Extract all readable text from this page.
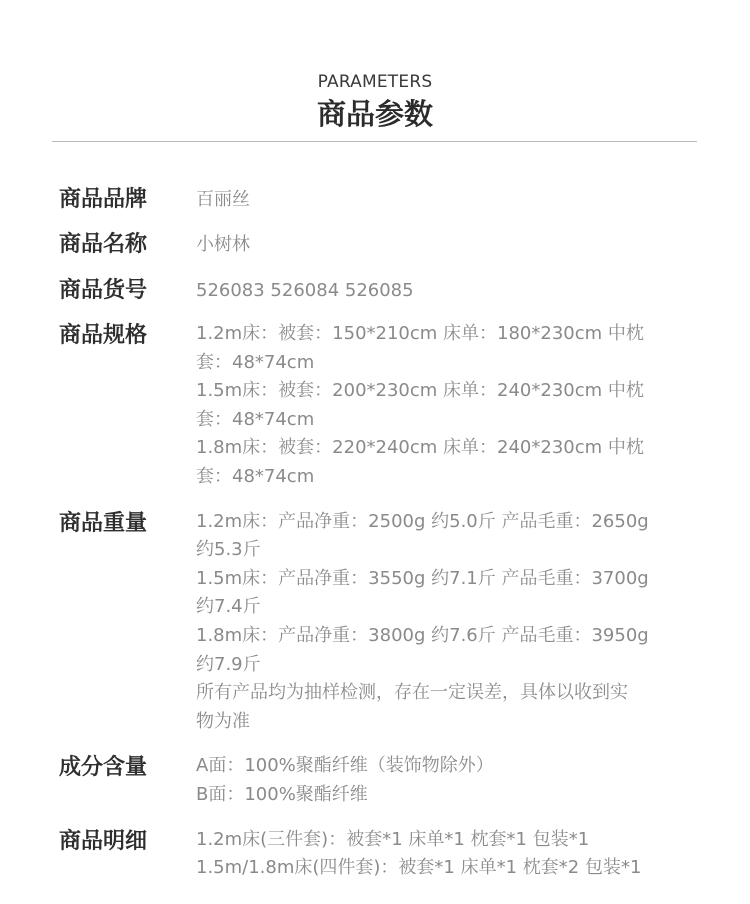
PARAMETERS
商品参数
商品品牌	百丽丝
商品名称	小树林
商品货号	526083 526084 526085
商品规格	1.2m床：被套：150*210cm 床单：180*230cm 中枕
套：48*74cm
1.5m床：被套：200*230cm 床单：240*230cm 中枕
套：48*74cm
1.8m床：被套：220*240cm 床单：240*230cm 中枕
套：48*74cm
商品重量	1.2m床：产品净重：2500g 约5.0斤 产品毛重：2650g
约5.3斤
1.5m床：产品净重：3550g 约7.1斤 产品毛重：3700g
约7.4斤
1.8m床：产品净重：3800g 约7.6斤 产品毛重：3950g
约7.9斤
所有产品均为抽样检测，存在一定误差，具体以收到实
物为准
成分含量	A面：100%聚酯纤维（装饰物除外）
B面：100%聚酯纤维
商品明细	1.2m床(三件套)：被套*1 床单*1 枕套*1 包装*1
1.5m/1.8m床(四件套)：被套*1 床单*1 枕套*2 包装*1
